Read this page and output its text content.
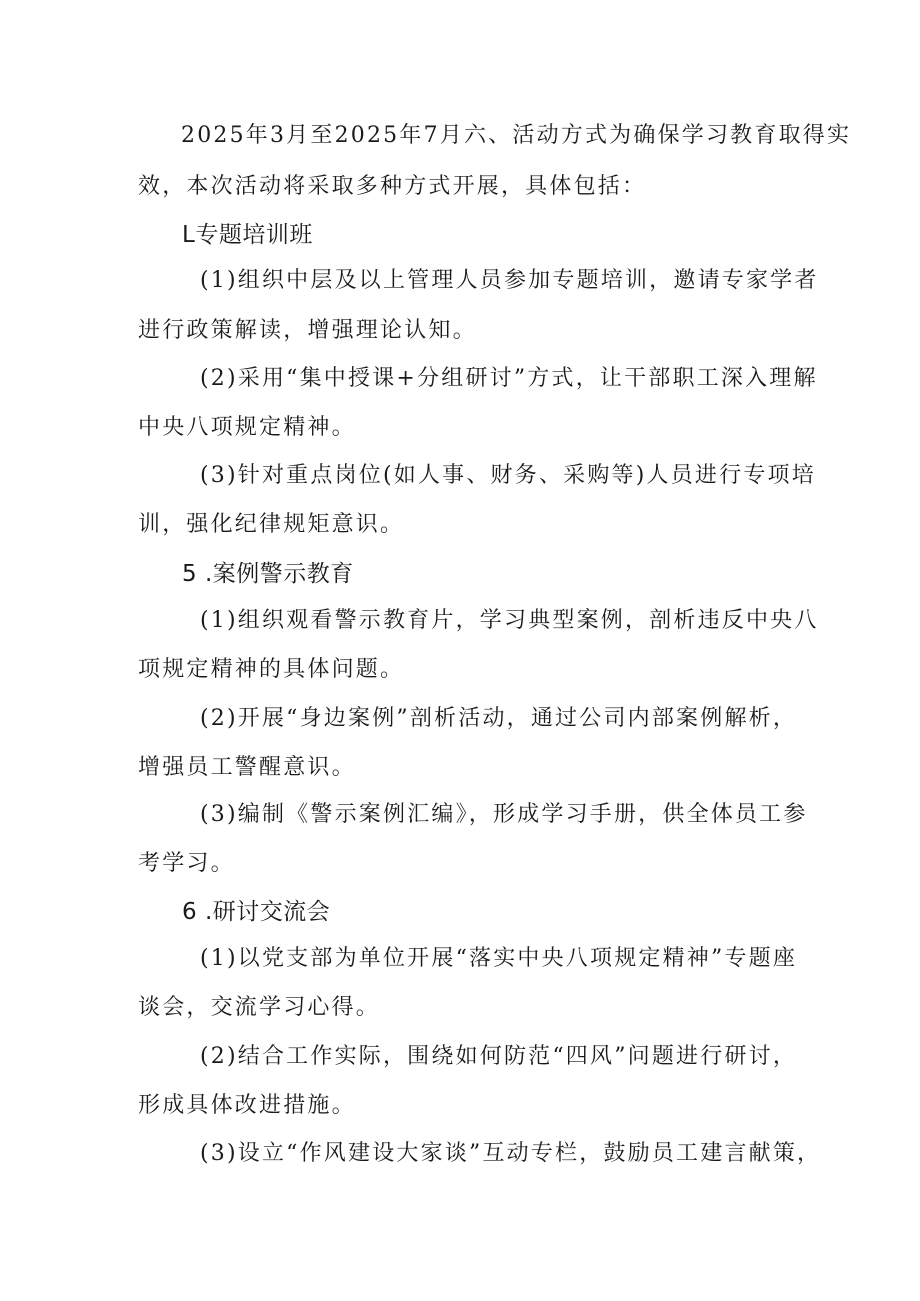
2025年3月至2025年7月六、活动方式为确保学习教育取得实
效，本次活动将采取多种方式开展，具体包括：
L专题培训班
(1)组织中层及以上管理人员参加专题培训，邀请专家学者
进行政策解读，增强理论认知。
(2)采用“集中授课+分组研讨”方式，让干部职工深入理解
中央八项规定精神。
(3)针对重点岗位(如人事、财务、采购等)人员进行专项培
训，强化纪律规矩意识。
5 .案例警示教育
(1)组织观看警示教育片，学习典型案例，剖析违反中央八
项规定精神的具体问题。
(2)开展“身边案例”剖析活动，通过公司内部案例解析，
增强员工警醒意识。
(3)编制《警示案例汇编》，形成学习手册，供全体员工参
考学习。
6 .研讨交流会
(1)以党支部为单位开展“落实中央八项规定精神”专题座
谈会，交流学习心得。
(2)结合工作实际，围绕如何防范“四风”问题进行研讨，
形成具体改进措施。
(3)设立“作风建设大家谈”互动专栏，鼓励员工建言献策，
